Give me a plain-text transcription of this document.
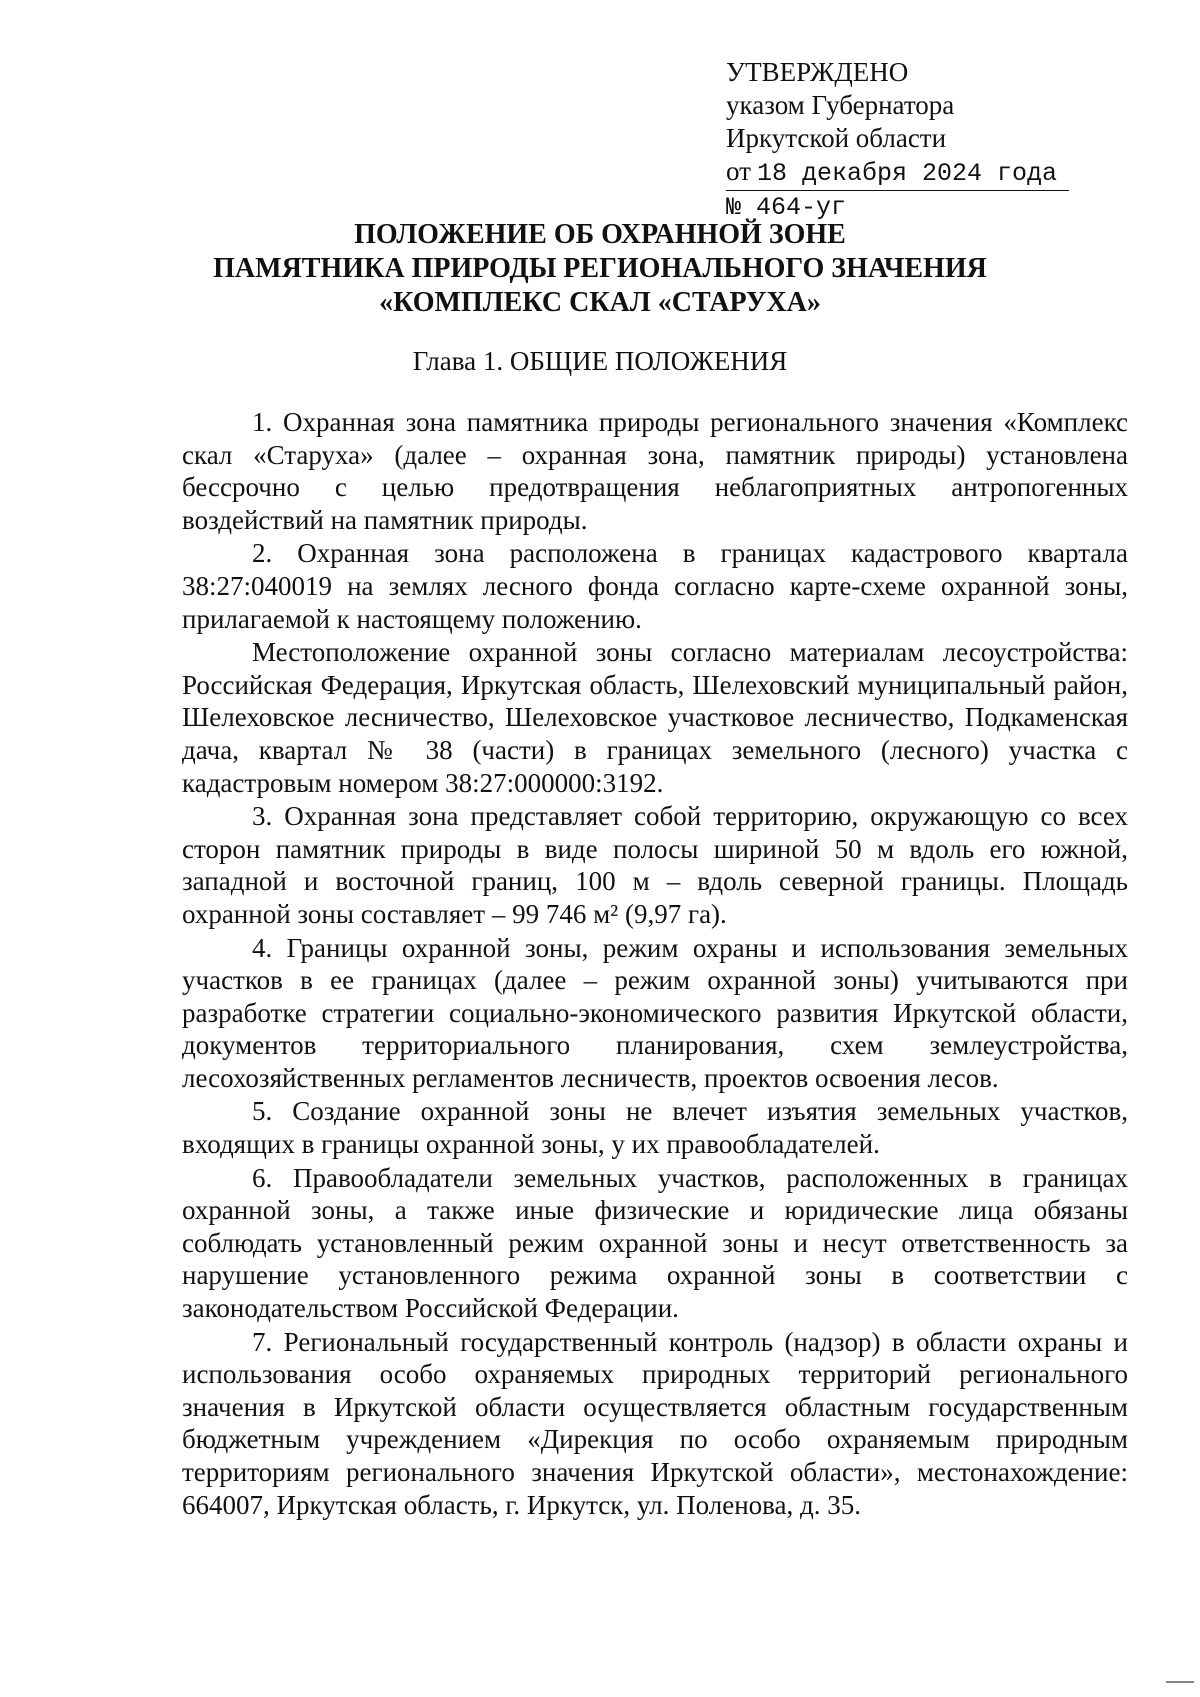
УТВЕРЖДЕНО
указом Губернатора
Иркутской области
от 18 декабря 2024 года
№ 464-уг
ПОЛОЖЕНИЕ ОБ ОХРАННОЙ ЗОНЕ
ПАМЯТНИКА ПРИРОДЫ РЕГИОНАЛЬНОГО ЗНАЧЕНИЯ
«КОМПЛЕКС СКАЛ «СТАРУХА»
Глава 1. ОБЩИЕ ПОЛОЖЕНИЯ

1. Охранная зона памятника природы регионального значения «Комплекс скал «Старуха» (далее – охранная зона, памятник природы) установлена бессрочно с целью предотвращения неблагоприятных антропогенных воздействий на памятник природы.

2. Охранная зона расположена в границах кадастрового квартала 38:27:040019 на землях лесного фонда согласно карте-схеме охранной зоны, прилагаемой к настоящему положению.

Местоположение охранной зоны согласно материалам лесоустройства: Российская Федерация, Иркутская область, Шелеховский муниципальный район, Шелеховское лесничество, Шелеховское участковое лесничество, Подкаменская дача, квартал № 38 (части) в границах земельного (лесного) участка с кадастровым номером 38:27:000000:3192.

3. Охранная зона представляет собой территорию, окружающую со всех сторон памятник природы в виде полосы шириной 50 м вдоль его южной, западной и восточной границ, 100 м – вдоль северной границы. Площадь охранной зоны составляет – 99 746 м² (9,97 га).

4. Границы охранной зоны, режим охраны и использования земельных участков в ее границах (далее – режим охранной зоны) учитываются при разработке стратегии социально-экономического развития Иркутской области, документов территориального планирования, схем землеустройства, лесохозяйственных регламентов лесничеств, проектов освоения лесов.

5. Создание охранной зоны не влечет изъятия земельных участков, входящих в границы охранной зоны, у их правообладателей.

6. Правообладатели земельных участков, расположенных в границах охранной зоны, а также иные физические и юридические лица обязаны соблюдать установленный режим охранной зоны и несут ответственность за нарушение установленного режима охранной зоны в соответствии с законодательством Российской Федерации.

7. Региональный государственный контроль (надзор) в области охраны и использования особо охраняемых природных территорий регионального значения в Иркутской области осуществляется областным государственным бюджетным учреждением «Дирекция по особо охраняемым природным территориям регионального значения Иркутской области», местонахождение: 664007, Иркутская область, г. Иркутск, ул. Поленова, д. 35.
